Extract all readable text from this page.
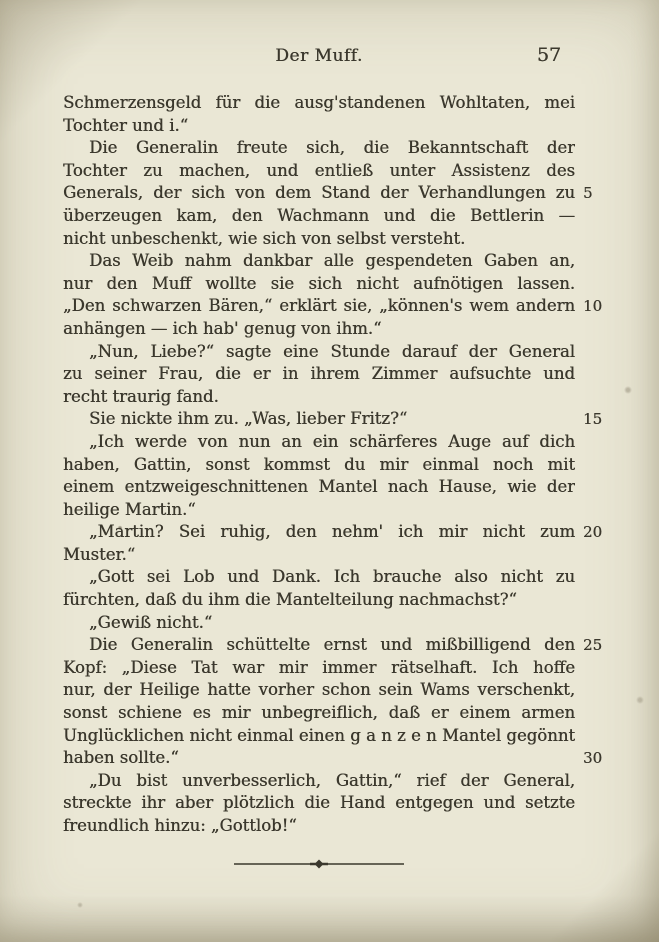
Der Muff.	57
Schmerzensgeld für die ausg'standenen Wohltaten, mei
Tochter und i.“
Die Generalin freute sich, die Bekanntschaft der
Tochter zu machen, und entließ unter Assistenz des
Generals, der sich von dem Stand der Verhandlungen zu 5
überzeugen kam, den Wachmann und die Bettlerin —
nicht unbeschenkt, wie sich von selbst versteht.
Das Weib nahm dankbar alle gespendeten Gaben an,
nur den Muff wollte sie sich nicht aufnötigen lassen.
„Den schwarzen Bären,“ erklärt sie, „können's wem andern 10
anhängen — ich hab' genug von ihm.“
„Nun, Liebe?“ sagte eine Stunde darauf der General
zu seiner Frau, die er in ihrem Zimmer aufsuchte und
recht traurig fand.
Sie nickte ihm zu. „Was, lieber Fritz?“	15
„Ich werde von nun an ein schärferes Auge auf dich
haben, Gattin, sonst kommst du mir einmal noch mit
einem entzweigeschnittenen Mantel nach Hause, wie der
heilige Martin.“
„Martin? Sei ruhig, den nehm' ich mir nicht zum 20
Muster.“
„Gott sei Lob und Dank. Ich brauche also nicht zu
fürchten, daß du ihm die Mantelteilung nachmachst?“
„Gewiß nicht.“
Die Generalin schüttelte ernst und mißbilligend den 25
Kopf: „Diese Tat war mir immer rätselhaft. Ich hoffe
nur, der Heilige hatte vorher schon sein Wams verschenkt,
sonst schiene es mir unbegreiflich, daß er einem armen
Unglücklichen nicht einmal einen g a n z e n Mantel gegönnt
haben sollte.“	30
„Du bist unverbesserlich, Gattin,“ rief der General,
streckte ihr aber plötzlich die Hand entgegen und setzte
freundlich hinzu: „Gottlob!“
